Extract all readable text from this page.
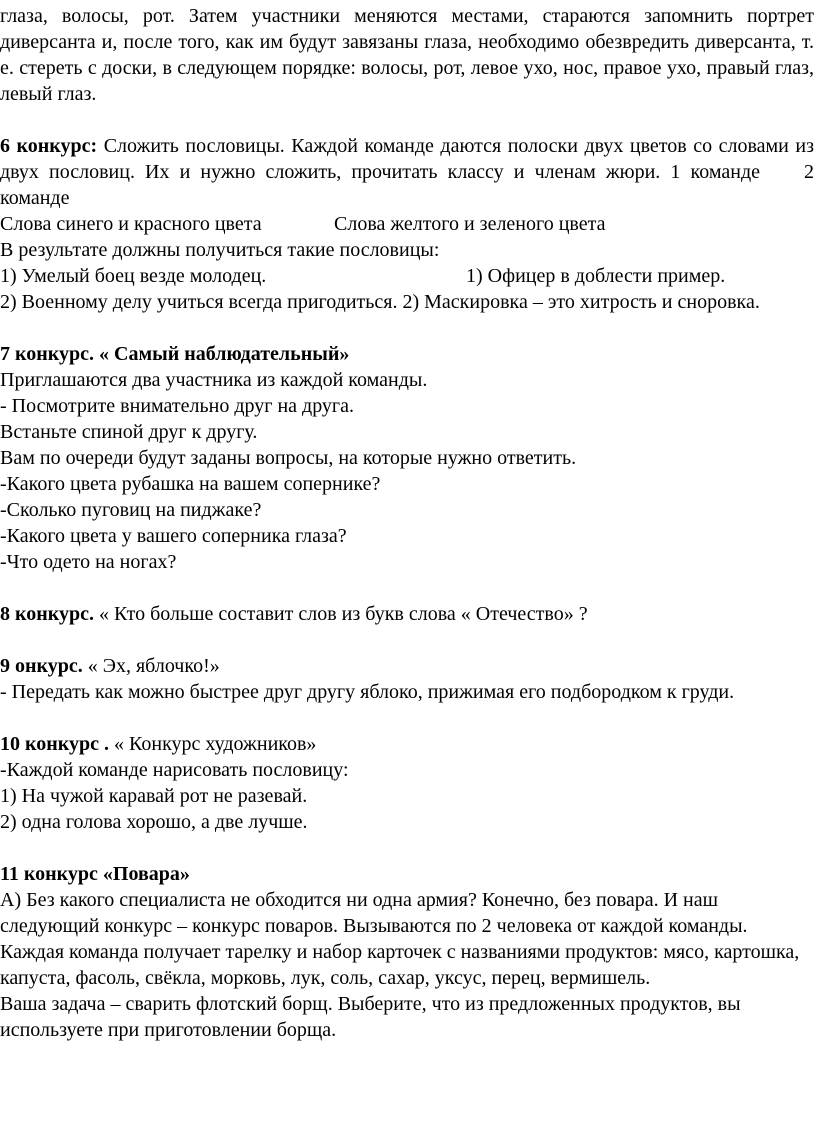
глаза, волосы, рот. Затем участники меняются местами, стараются запомнить портрет диверсанта и, после того, как им будут завязаны глаза, необходимо обезвредить диверсанта, т. е. стереть с доски, в следующем порядке: волосы, рот, левое ухо, нос, правое ухо, правый глаз, левый глаз.

6 конкурс: Сложить пословицы. Каждой команде даются полоски двух цветов со словами из двух пословиц. Их и нужно сложить, прочитать классу и членам жюри. 1 команде 2 команде

Слова синего и красного цвета	Слова желтого и зеленого цвета

В результате должны получиться такие пословицы:

1) Умелый боец везде молодец.	1) Офицер в доблести пример.

2) Военному делу учиться всегда пригодиться. 2) Маскировка – это хитрость и сноровка.

7 конкурс. « Самый наблюдательный»

Приглашаются два участника из каждой команды.

- Посмотрите внимательно друг на друга.

Встаньте спиной друг к другу.

Вам по очереди будут заданы вопросы, на которые нужно ответить.

-Какого цвета рубашка на вашем сопернике?

-Сколько пуговиц на пиджаке?

-Какого цвета у вашего соперника глаза?

-Что одето на ногах?

8 конкурс. « Кто больше составит слов из букв слова « Отечество» ?

9 онкурс. « Эх, яблочко!»

- Передать как можно быстрее друг другу яблоко, прижимая его подбородком к груди.

10 конкурс . « Конкурс художников»

-Каждой команде нарисовать пословицу:

1) На чужой каравай рот не разевай.

2) одна голова хорошо, а две лучше.

11 конкурс «Повара»

А) Без какого специалиста не обходится ни одна армия? Конечно, без повара. И наш следующий конкурс – конкурс поваров. Вызываются по 2 человека от каждой команды.

Каждая команда получает тарелку и набор карточек с названиями продуктов: мясо, картошка, капуста, фасоль, свёкла, морковь, лук, соль, сахар, уксус, перец, вермишель.

Ваша задача – сварить флотский борщ. Выберите, что из предложенных продуктов, вы используете при приготовлении борща.
